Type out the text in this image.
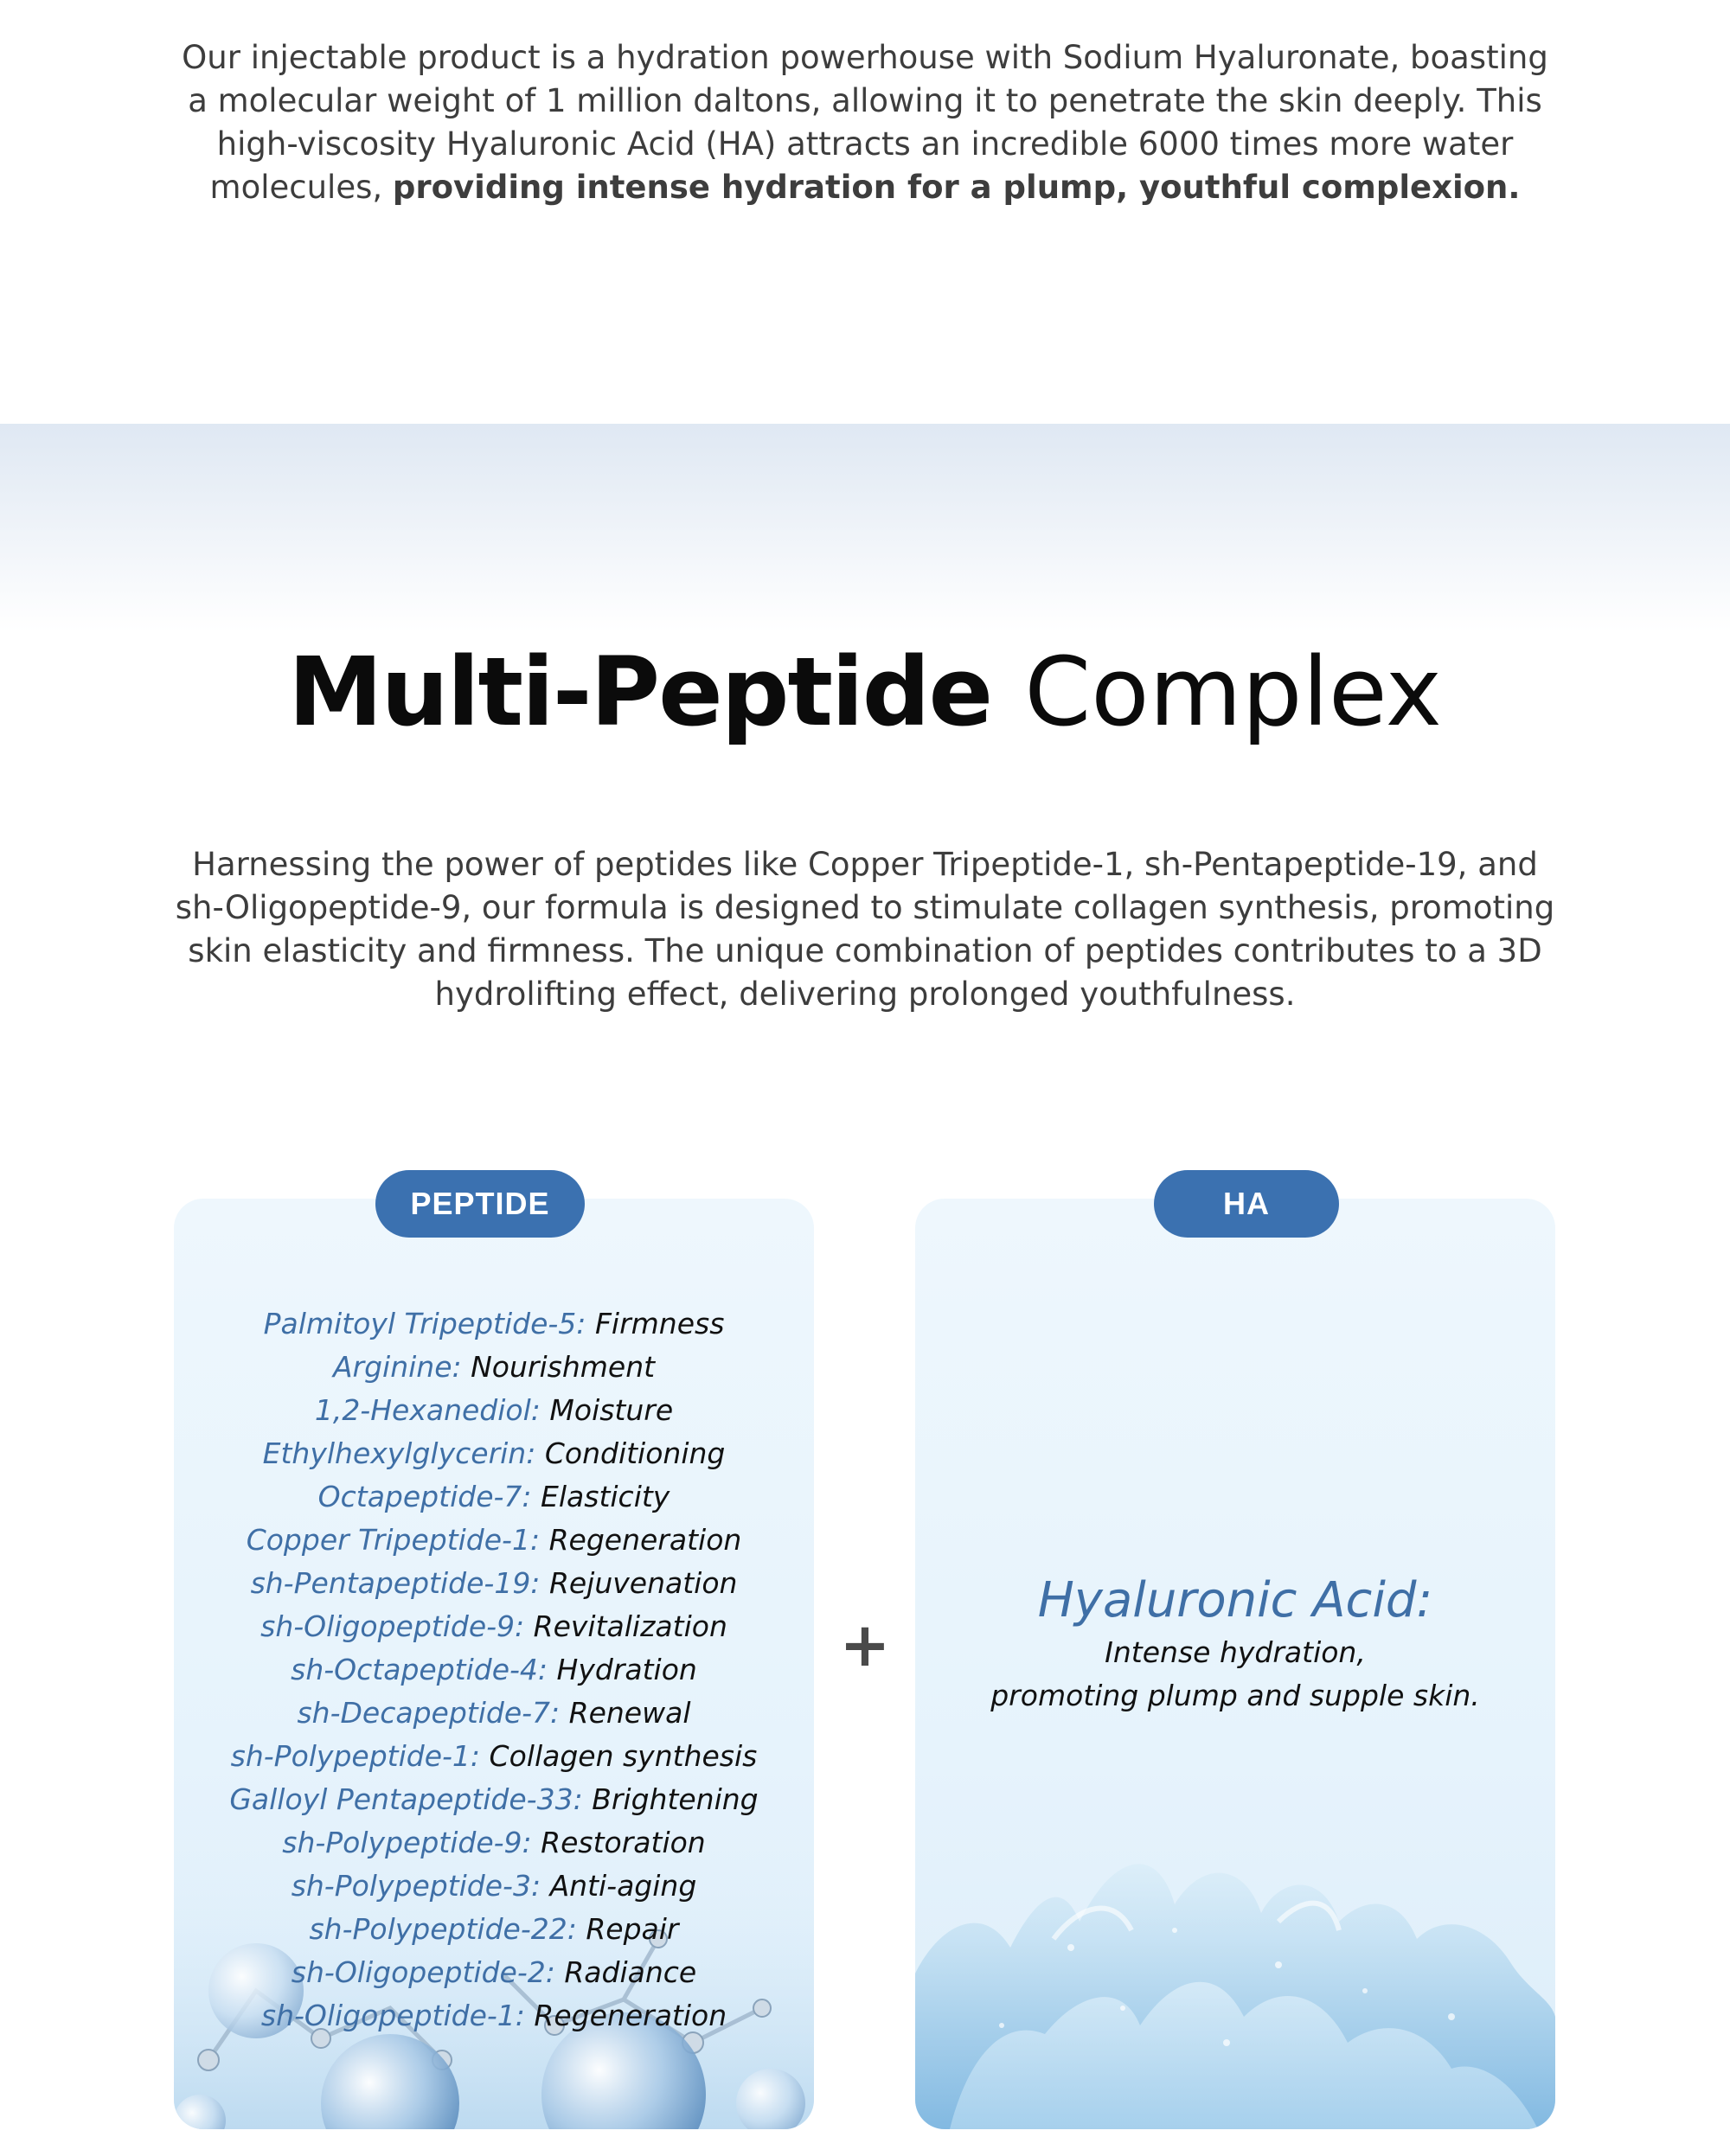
Our injectable product is a hydration powerhouse with Sodium Hyaluronate, boasting a molecular weight of 1 million daltons, allowing it to penetrate the skin deeply. This high-viscosity Hyaluronic Acid (HA) attracts an incredible 6000 times more water molecules, providing intense hydration for a plump, youthful complexion.

Multi-Peptide Complex

Harnessing the power of peptides like Copper Tripeptide-1, sh-Pentapeptide-19, and sh-Oligopeptide-9, our formula is designed to stimulate collagen synthesis, promoting skin elasticity and firmness. The unique combination of peptides contributes to a 3D hydrolifting effect, delivering prolonged youthfulness.

Palmitoyl Tripeptide-5: Firmness
Arginine: Nourishment
1,2-Hexanediol: Moisture
Ethylhexylglycerin: Conditioning
Octapeptide-7: Elasticity
Copper Tripeptide-1: Regeneration
sh-Pentapeptide-19: Rejuvenation
sh-Oligopeptide-9: Revitalization
sh-Octapeptide-4: Hydration
sh-Decapeptide-7: Renewal
sh-Polypeptide-1: Collagen synthesis
Galloyl Pentapeptide-33: Brightening
sh-Polypeptide-9: Restoration
sh-Polypeptide-3: Anti-aging
sh-Polypeptide-22: Repair
sh-Oligopeptide-2: Radiance
sh-Oligopeptide-1: Regeneration
PEPTIDE
+
Hyaluronic Acid:
Intense hydration,
promoting plump and supple skin.
HA
